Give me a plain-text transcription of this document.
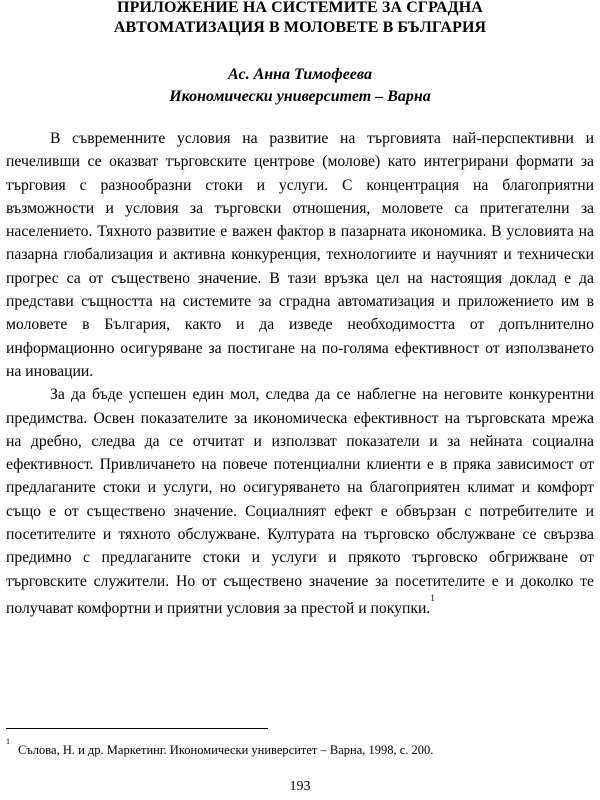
ПРИЛОЖЕНИЕ НА СИСТЕМИТЕ ЗА СГРАДНА
АВТОМАТИЗАЦИЯ В МОЛОВЕТЕ В БЪЛГАРИЯ
Ас. Анна Тимофеева
Икономически университет – Варна

В съвременните условия на развитие на търговията най-перспективни и печеливши се оказват търговските центрове (молове) като интегрирани формати за търговия с разнообразни стоки и услуги. С концентрация на благоприятни възможности и условия за търговски отношения, моловете са притегателни за населението. Тяхното развитие е важен фактор в пазарната икономика. В условията на пазарна глобализация и активна конкуренция, технологиите и научният и технически прогрес са от съществено значение. В тази връзка цел на настоящия доклад е да представи същността на системите за сградна автоматизация и приложението им в моловете в България, както и да изведе необходимостта от допълнително информационно осигуряване за постигане на по-голяма ефективност от използването на иновации.

За да бъде успешен един мол, следва да се наблегне на неговите конкурентни предимства. Освен показателите за икономическа ефективност на търговската мрежа на дребно, следва да се отчитат и използват показатели и за нейната социална ефективност. Привличането на повече потенциални клиенти е в пряка зависимост от предлаганите стоки и услуги, но осигуряването на благоприятен климат и комфорт също е от съществено значение. Социалният ефект е обвързан с потребителите и посетителите и тяхното обслужване. Културата на търговско обслужване се свързва предимно с предлаганите стоки и услуги и прякото търговско обгрижване от търговските служители. Но от съществено значение за посетителите е и доколко те получават комфортни и приятни условия за престой и покупки.$^1$

$^1$Сълова, Н. и др. Маркетинг. Икономически университет – Варна, 1998, с. 200.
193
